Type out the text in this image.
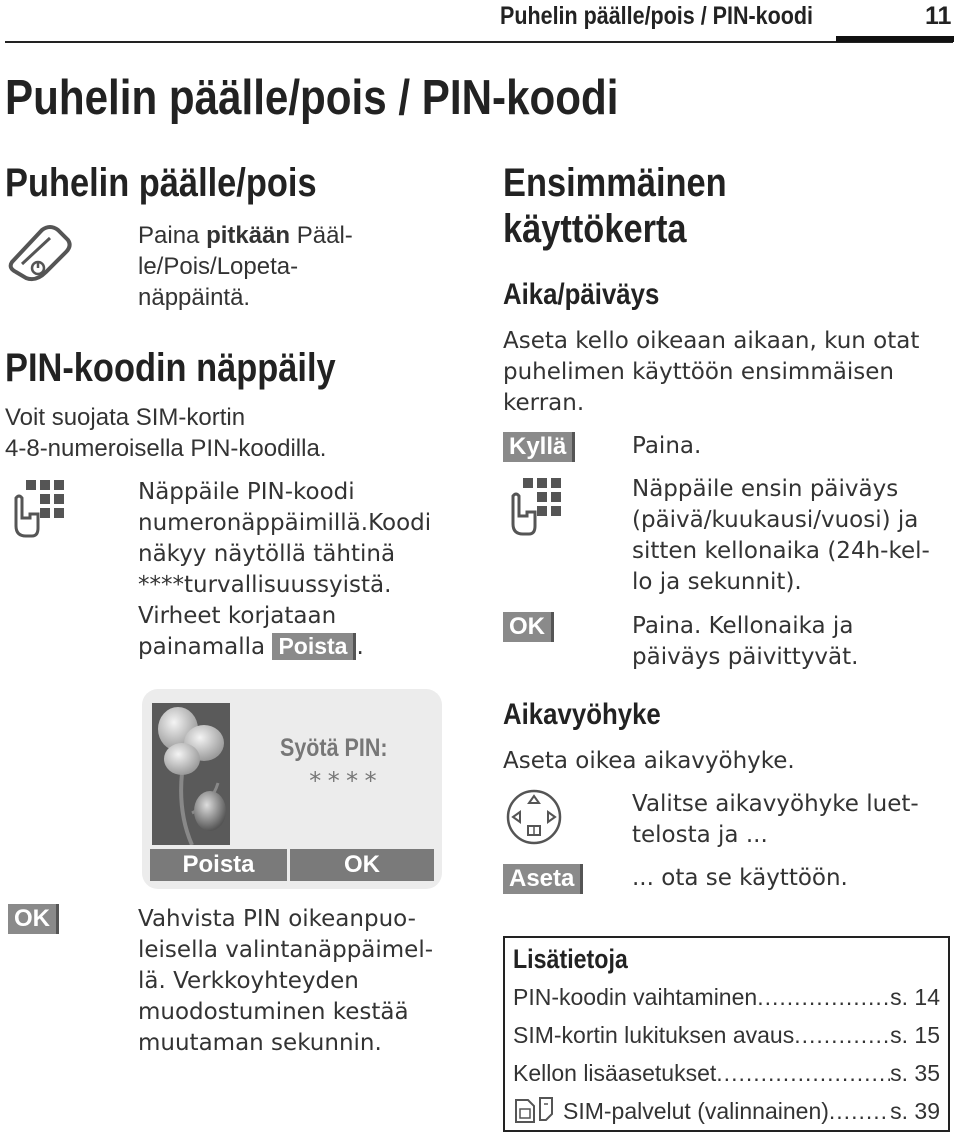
Puhelin päälle/pois / PIN-koodi	11
Puhelin päälle/pois / PIN-koodi
Puhelin päälle/pois
Paina pitkään Pääl-
le/Pois/Lopeta-
näppäintä.
PIN-koodin näppäily
Voit suojata SIM-kortin
4-8-numeroisella PIN-koodilla.
Näppäile PIN-koodi
numeronäppäimillä.Koodi
näkyy näytöllä tähtinä
****turvallisuussyistä.
Virheet korjataan
painamalla Poista .
Syötä PIN:
****
Poista	OK
OK	Vahvista PIN oikeanpuo-
leisella valintanäppäimel-
lä. Verkkoyhteyden
muodostuminen kestää
muutaman sekunnin.
Ensimmäinen
käyttökerta
Aika/päiväys
Aseta kello oikeaan aikaan, kun otat
puhelimen käyttöön ensimmäisen
kerran.
Kyllä	Paina.
Näppäile ensin päiväys
(päivä/kuukausi/vuosi) ja
sitten kellonaika (24h-kel-
lo ja sekunnit).
OK	Paina. Kellonaika ja
päiväys päivittyvät.
Aikavyöhyke
Aseta oikea aikavyöhyke.
Valitse aikavyöhyke luet-
telosta ja ...
Aseta	... ota se käyttöön.
Lisätietoja
PIN-koodin vaihtaminen .....	s. 14
SIM-kortin lukituksen avaus .....	s. 15
Kellon lisäasetukset .....	s. 35
SIM-palvelut (valinnainen) .....	s. 39
